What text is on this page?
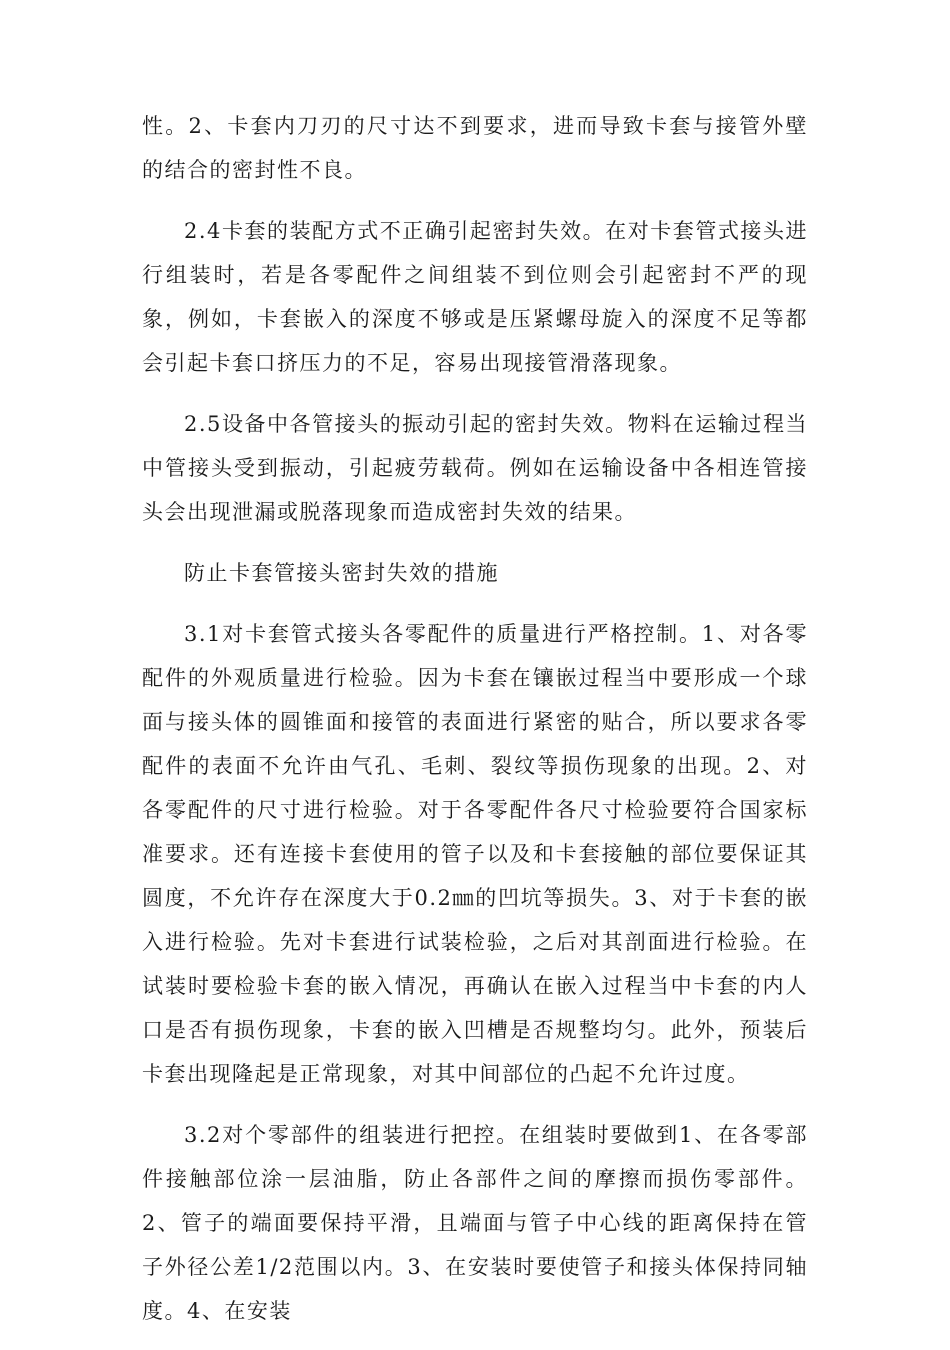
性。2、卡套内刀刃的尺寸达不到要求，进而导致卡套与接管外壁的结合的密封性不良。

2.4卡套的装配方式不正确引起密封失效。在对卡套管式接头进行组装时，若是各零配件之间组装不到位则会引起密封不严的现象，例如，卡套嵌入的深度不够或是压紧螺母旋入的深度不足等都会引起卡套口挤压力的不足，容易出现接管滑落现象。

2.5设备中各管接头的振动引起的密封失效。物料在运输过程当中管接头受到振动，引起疲劳载荷。例如在运输设备中各相连管接头会出现泄漏或脱落现象而造成密封失效的结果。

防止卡套管接头密封失效的措施

3.1对卡套管式接头各零配件的质量进行严格控制。1、对各零配件的外观质量进行检验。因为卡套在镶嵌过程当中要形成一个球面与接头体的圆锥面和接管的表面进行紧密的贴合，所以要求各零配件的表面不允许由气孔、毛刺、裂纹等损伤现象的出现。2、对各零配件的尺寸进行检验。对于各零配件各尺寸检验要符合国家标准要求。还有连接卡套使用的管子以及和卡套接触的部位要保证其圆度，不允许存在深度大于0.2㎜的凹坑等损失。3、对于卡套的嵌入进行检验。先对卡套进行试装检验，之后对其剖面进行检验。在试装时要检验卡套的嵌入情况，再确认在嵌入过程当中卡套的内人口是否有损伤现象，卡套的嵌入凹槽是否规整均匀。此外，预装后卡套出现隆起是正常现象，对其中间部位的凸起不允许过度。

3.2对个零部件的组装进行把控。在组装时要做到1、在各零部件接触部位涂一层油脂，防止各部件之间的摩擦而损伤零部件。2、管子的端面要保持平滑，且端面与管子中心线的距离保持在管子外径公差1/2范围以内。3、在安装时要使管子和接头体保持同轴度。4、在安装
